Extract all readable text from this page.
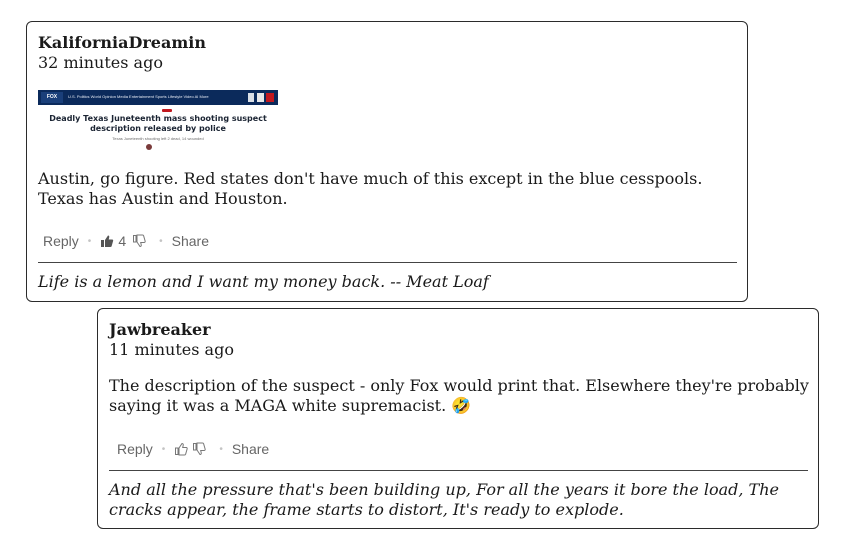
KaliforniaDreamin
32 minutes ago
FOX	U.S. Politics World Opinion Media Entertainment Sports Lifestyle Video AI More
Deadly Texas Juneteenth mass shooting suspect description released by police
Texas Juneteenth shooting left 2 dead, 14 wounded
Austin, go figure. Red states don't have much of this except in the blue cesspools. Texas has Austin and Houston.
Reply • 4	• Share
Life is a lemon and I want my money back. -- Meat Loaf
Jawbreaker
11 minutes ago
The description of the suspect - only Fox would print that. Elsewhere they're probably saying it was a MAGA white supremacist. 🤣
Reply •	• Share
And all the pressure that's been building up, For all the years it bore the load, The cracks appear, the frame starts to distort, It's ready to explode.
